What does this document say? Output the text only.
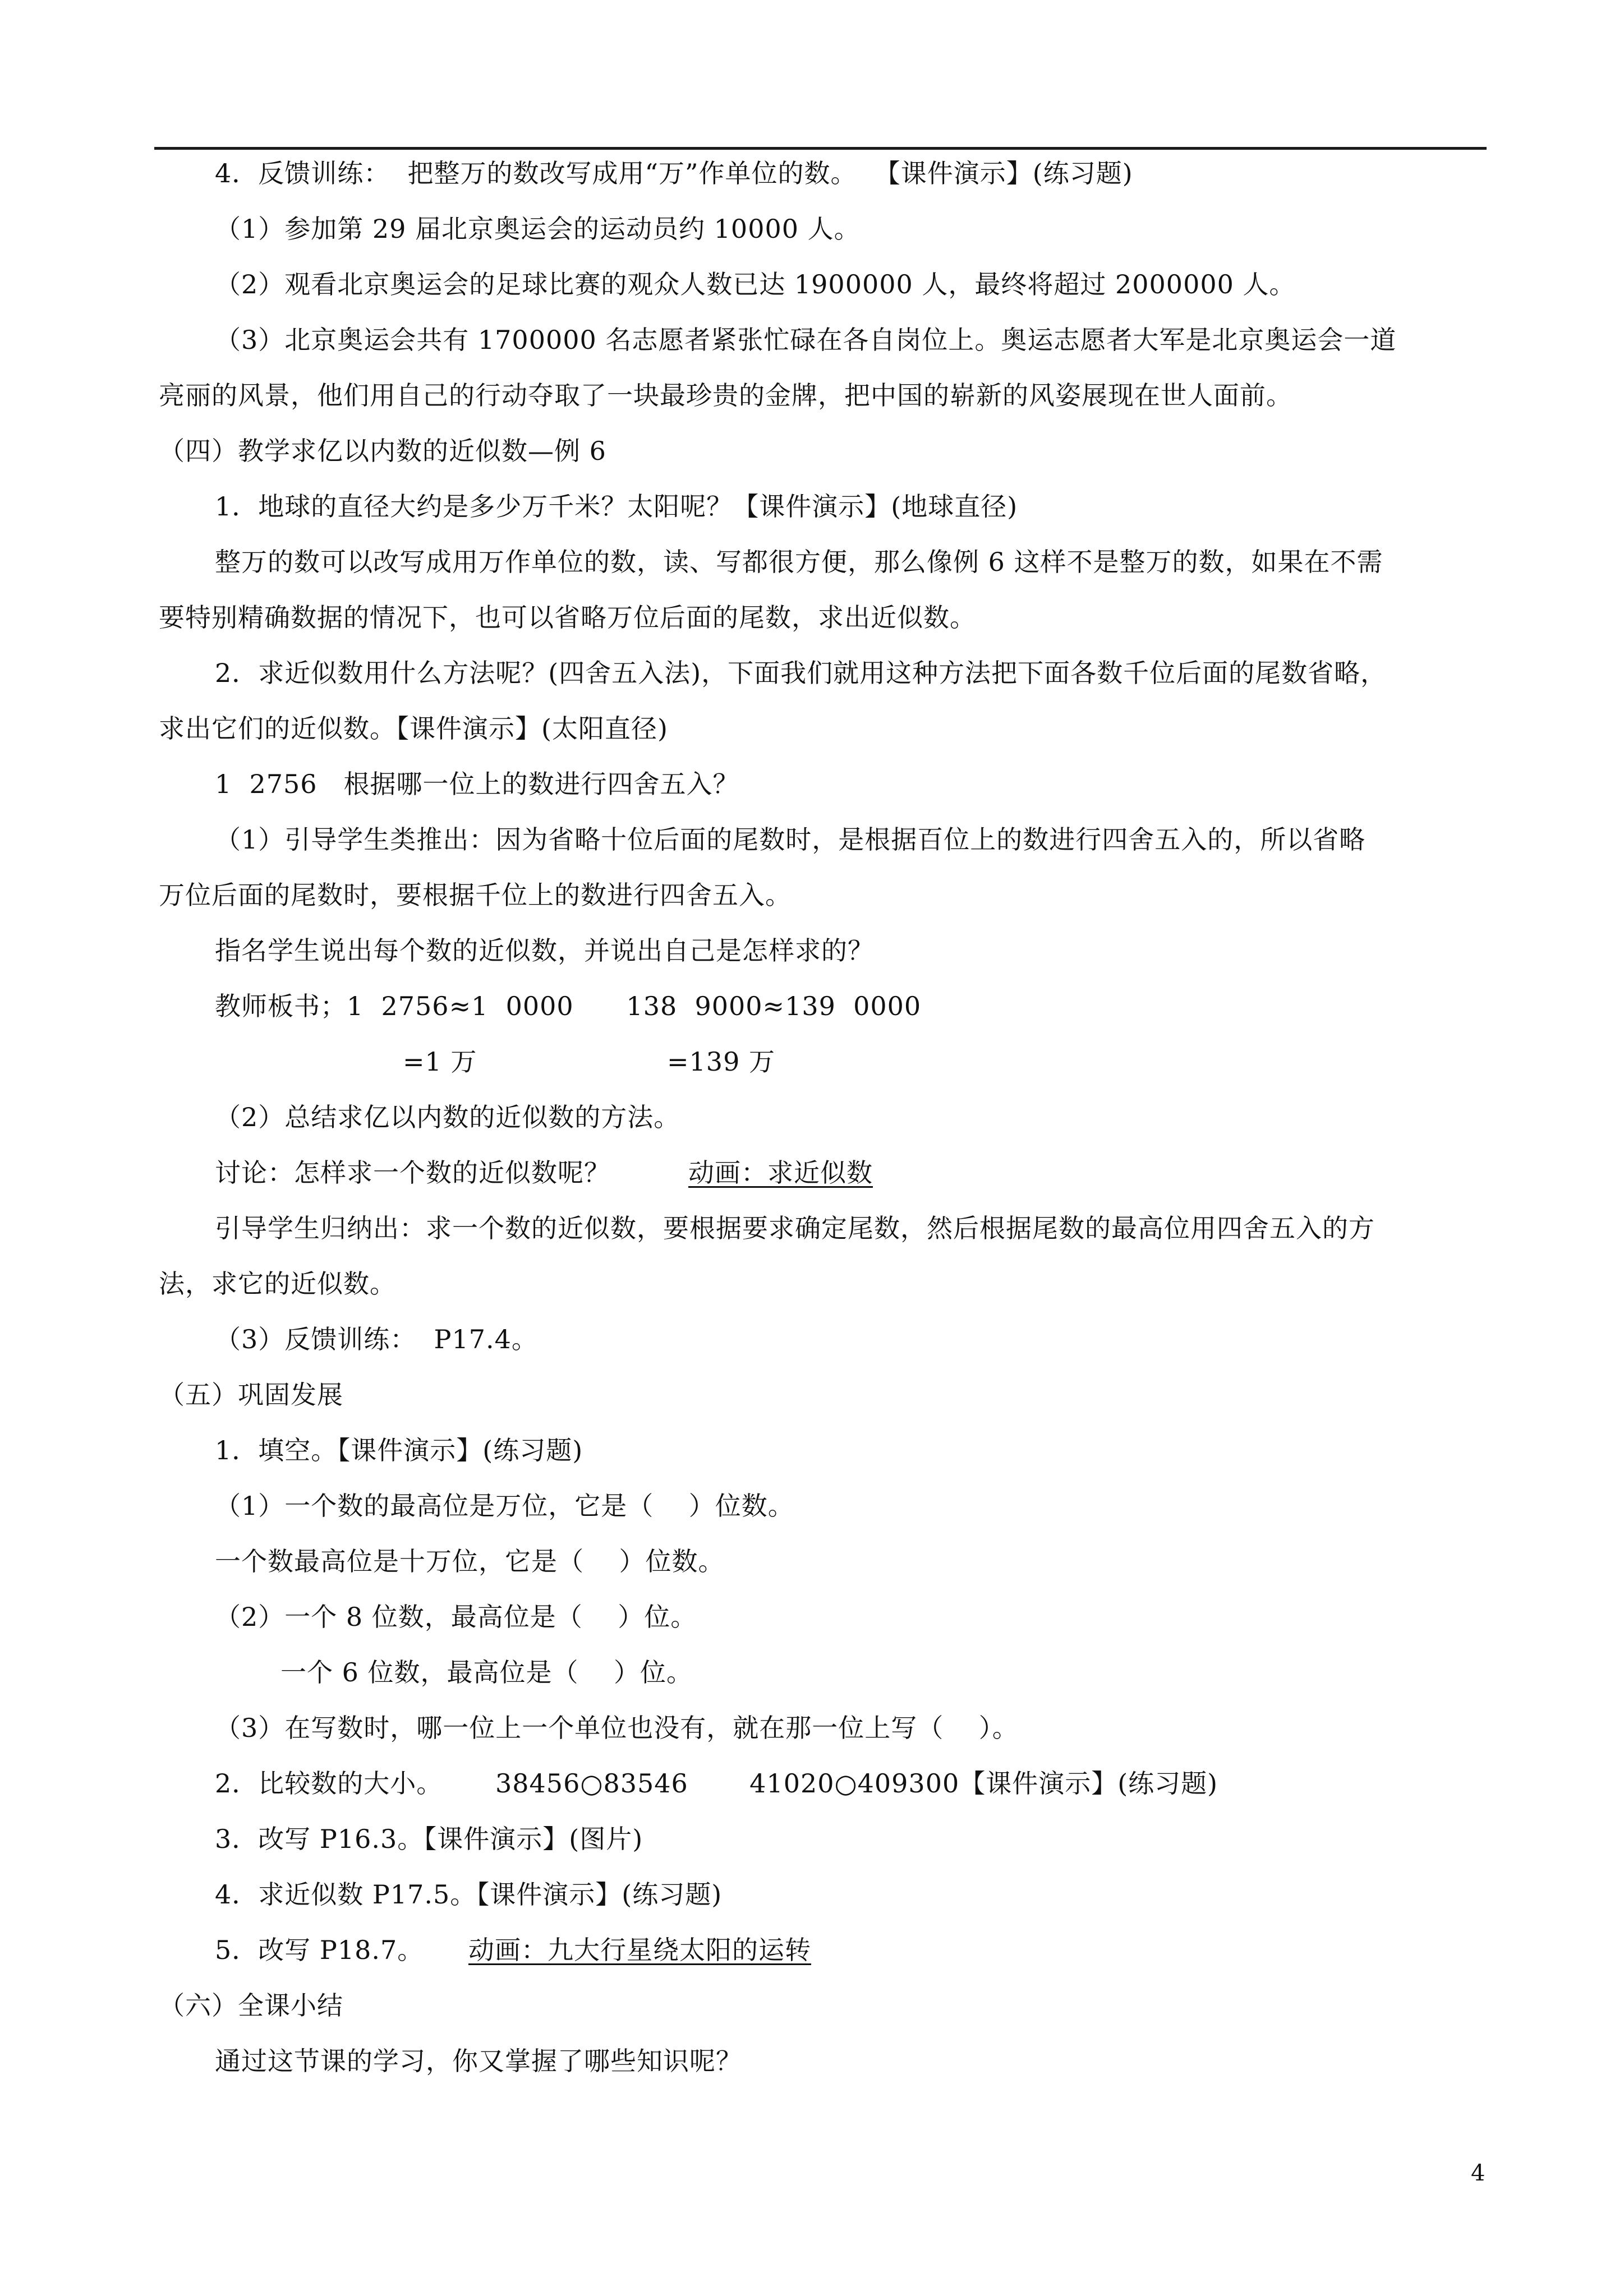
4．反馈训练：  把整万的数改写成用“万”作单位的数。  【课件演示】(练习题)
（1）参加第 29 届北京奥运会的运动员约 10000 人。
（2）观看北京奥运会的足球比赛的观众人数已达 1900000 人，最终将超过 2000000 人。
（3）北京奥运会共有 1700000 名志愿者紧张忙碌在各自岗位上。奥运志愿者大军是北京奥运会一道
亮丽的风景，他们用自己的行动夺取了一块最珍贵的金牌，把中国的崭新的风姿展现在世人面前。
（四）教学求亿以内数的近似数—例 6
1．地球的直径大约是多少万千米？太阳呢？【课件演示】(地球直径)
整万的数可以改写成用万作单位的数，读、写都很方便，那么像例 6 这样不是整万的数，如果在不需
要特别精确数据的情况下，也可以省略万位后面的尾数，求出近似数。
2．求近似数用什么方法呢？(四舍五入法)，下面我们就用这种方法把下面各数千位后面的尾数省略，
求出它们的近似数。【课件演示】(太阳直径)
1  2756   根据哪一位上的数进行四舍五入？
（1）引导学生类推出：因为省略十位后面的尾数时，是根据百位上的数进行四舍五入的，所以省略
万位后面的尾数时，要根据千位上的数进行四舍五入。
指名学生说出每个数的近似数，并说出自己是怎样求的？
教师板书；1  2756≈1  0000      138  9000≈139  0000
=1 万	=139 万
（2）总结求亿以内数的近似数的方法。
讨论：怎样求一个数的近似数呢？	动画：求近似数
引导学生归纳出：求一个数的近似数，要根据要求确定尾数，然后根据尾数的最高位用四舍五入的方
法，求它的近似数。
（3）反馈训练：  P17.4。
（五）巩固发展
1．填空。【课件演示】(练习题)
（1）一个数的最高位是万位，它是（    ）位数。
一个数最高位是十万位，它是（    ）位数。
（2）一个 8 位数，最高位是（    ）位。
一个 6 位数，最高位是（    ）位。
（3）在写数时，哪一位上一个单位也没有，就在那一位上写（    ）。
2．比较数的大小。      38456○83546       41020○409300【课件演示】(练习题)
3．改写 P16.3。【课件演示】(图片)
4．求近似数 P17.5。【课件演示】(练习题)
5．改写 P18.7。 动画：九大行星绕太阳的运转
（六）全课小结
通过这节课的学习，你又掌握了哪些知识呢？
4
